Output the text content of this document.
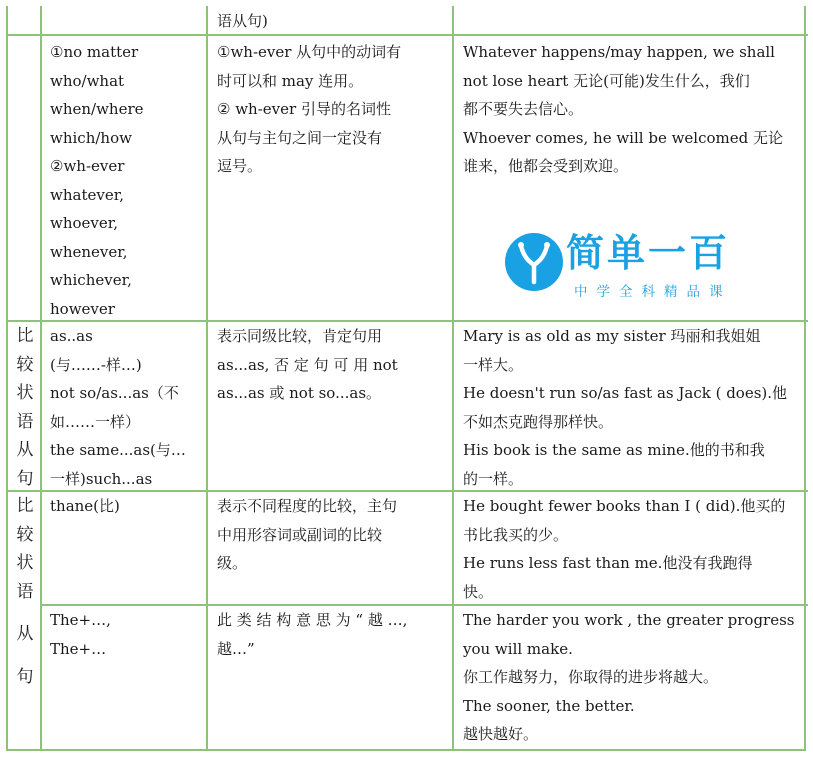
语从句)
①no matter
who/what
when/where
which/how
②wh-ever
whatever,
whoever,
whenever,
whichever,
however
①wh-ever 从句中的动词有
时可以和 may 连用。
② wh-ever 引导的名词性
从句与主句之间一定没有
逗号。
Whatever happens/may happen, we shall
not lose heart 无论(可能)发生什么，我们
都不要失去信心。
Whoever comes, he will be welcomed 无论
谁来，他都会受到欢迎。
简单一百
中学全科精品课
比
较
状
语
从
句
as..as
(与……-样…)
not so/as...as（不
如……一样）
the same...as(与…
一样)such...as
表示同级比较，肯定句用
as...as, 否 定 句 可 用 not
as...as 或 not so...as。
Mary is as old as my sister 玛丽和我姐姐
一样大。
He doesn't run so/as fast as Jack ( does).他
不如杰克跑得那样快。
His book is the same as mine.他的书和我
的一样。
比
较
状
语
从
句
thane(比)	表示不同程度的比较，主句
中用形容词或副词的比较
级。
He bought fewer books than I ( did).他买的
书比我买的少。
He runs less fast than me.他没有我跑得
快。
The+…,
The+…
此 类 结 构 意 思 为 “ 越 …,
越…”
The harder you work , the greater progress
you will make.
你工作越努力，你取得的进步将越大。
The sooner, the better.
越快越好。
